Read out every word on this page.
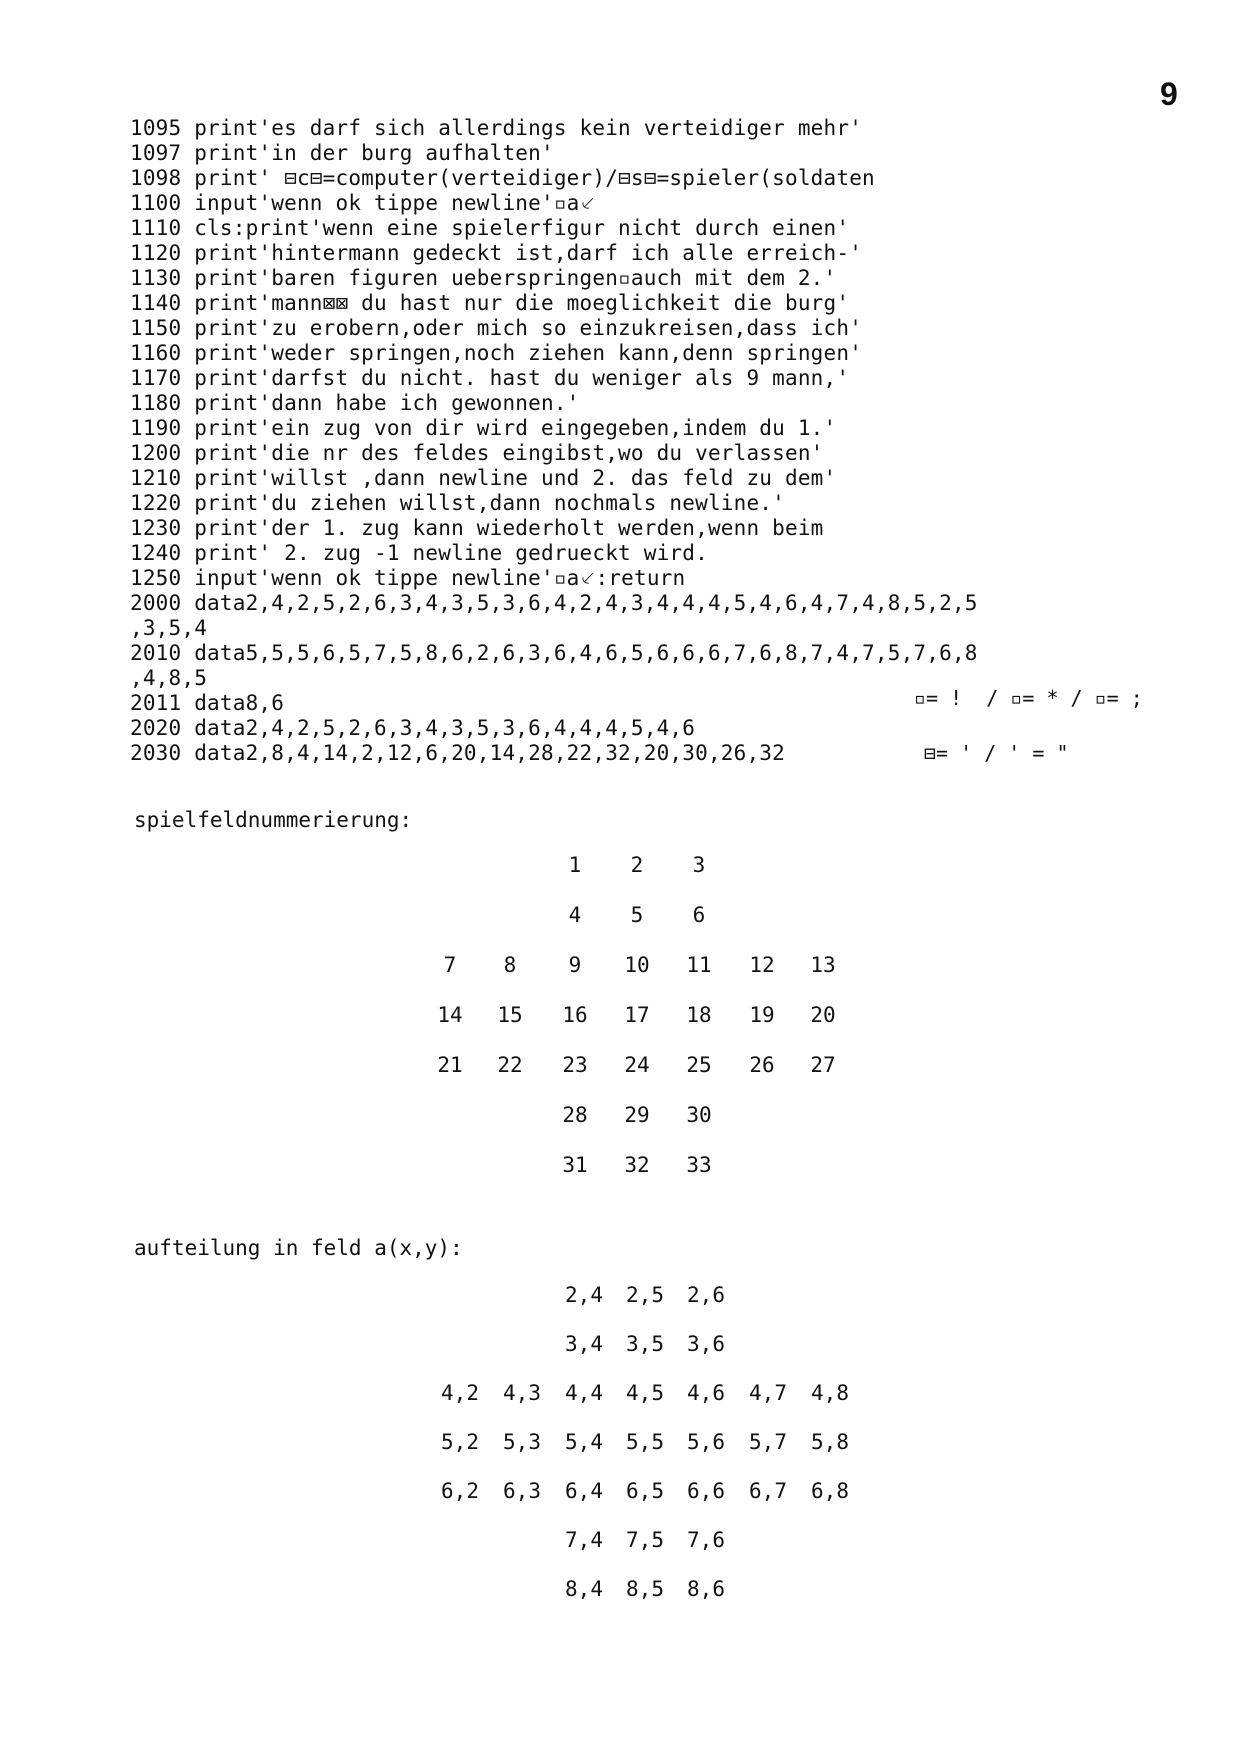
9
1095 print'es darf sich allerdings kein verteidiger mehr'
1097 print'in der burg aufhalten'
1098 print' ⊟c⊟=computer(verteidiger)/⊟s⊟=spieler(soldaten
1100 input'wenn ok tippe newline'▫a⸔
1110 cls:print'wenn eine spielerfigur nicht durch einen'
1120 print'hintermann gedeckt ist,darf ich alle erreich-'
1130 print'baren figuren ueberspringen▫auch mit dem 2.'
1140 print'mann⊠⊠ du hast nur die moeglichkeit die burg'
1150 print'zu erobern,oder mich so einzukreisen,dass ich'
1160 print'weder springen,noch ziehen kann,denn springen'
1170 print'darfst du nicht. hast du weniger als 9 mann,'
1180 print'dann habe ich gewonnen.'
1190 print'ein zug von dir wird eingegeben,indem du 1.'
1200 print'die nr des feldes eingibst,wo du verlassen'
1210 print'willst ,dann newline und 2. das feld zu dem'
1220 print'du ziehen willst,dann nochmals newline.'
1230 print'der 1. zug kann wiederholt werden,wenn beim
1240 print' 2. zug -1 newline gedrueckt wird.
1250 input'wenn ok tippe newline'▫a⸔:return
2000 data2,4,2,5,2,6,3,4,3,5,3,6,4,2,4,3,4,4,4,5,4,6,4,7,4,8,5,2,5
,3,5,4
2010 data5,5,5,6,5,7,5,8,6,2,6,3,6,4,6,5,6,6,6,7,6,8,7,4,7,5,7,6,8
,4,8,5
2011 data8,6
2020 data2,4,2,5,2,6,3,4,3,5,3,6,4,4,4,5,4,6
2030 data2,8,4,14,2,12,6,20,14,28,22,32,20,30,26,32
▫= !  / ▫= * / ▫= ;
⊟= ' / ' = "
spielfeldnummerierung:
aufteilung in feld a(x,y):
1 2 3
4 5 6
7 8 9 10 11 12 13
14 15 16 17 18 19 20
21 22 23 24 25 26 27
28 29 30
31 32 33
2,4 2,5 2,6
3,4 3,5 3,6
4,2 4,3 4,4 4,5 4,6 4,7 4,8
5,2 5,3 5,4 5,5 5,6 5,7 5,8
6,2 6,3 6,4 6,5 6,6 6,7 6,8
7,4 7,5 7,6
8,4 8,5 8,6
